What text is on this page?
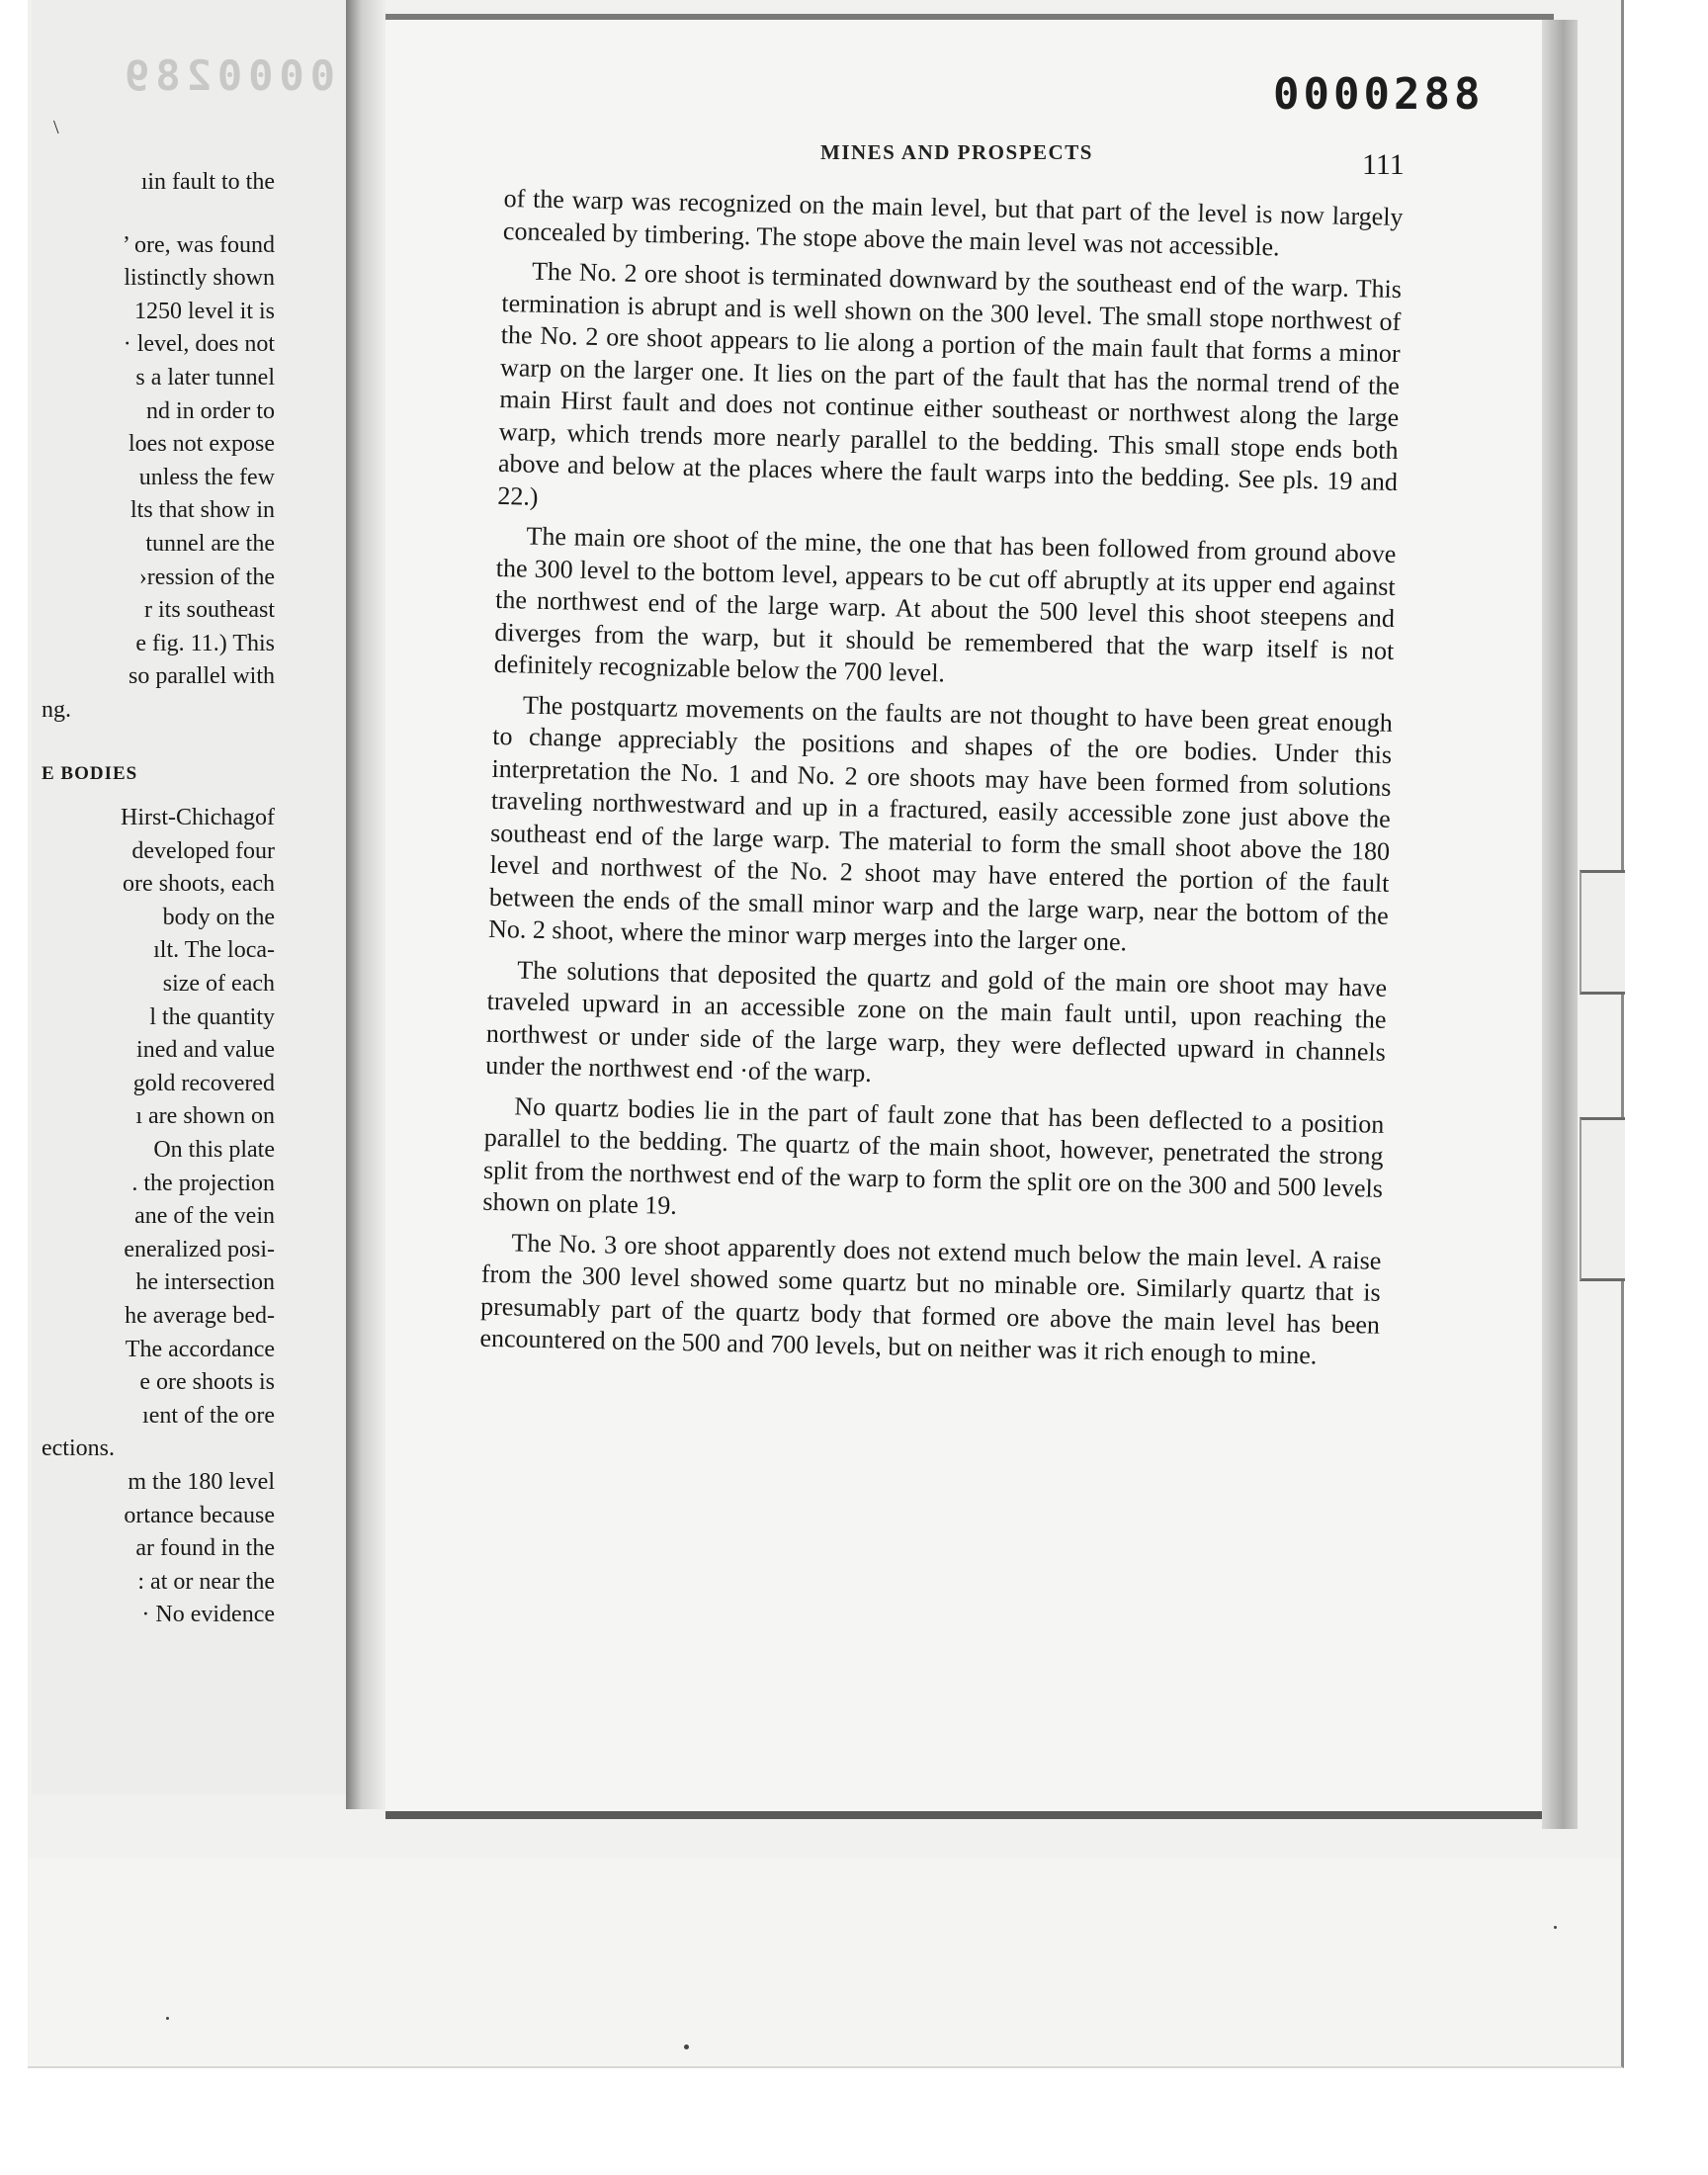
0000289
\
ıin fault to the
’ ore, was found
listinctly shown
1250 level it is
· level, does not
s a later tunnel
nd in order to
loes not expose
unless the few
lts that show in
tunnel are the
›ression of the
r its southeast
e fig. 11.) This
so parallel with
ng.
E BODIES
Hirst-Chichagof
developed four
ore shoots, each
body on the
ılt. The loca-
size of each
l the quantity
ined and value
gold recovered
ı are shown on
On this plate
. the projection
ane of the vein
eneralized posi-
he intersection
he average bed-
The accordance
e ore shoots is
ıent of the ore
ections.
m the 180 level
ortance because
ar found in the
: at or near the
· No evidence
0000288
MINES AND PROSPECTS	111

of the warp was recognized on the main level, but that part of the level is now largely concealed by timbering. The stope above the main level was not accessible.

The No. 2 ore shoot is terminated downward by the southeast end of the warp. This termination is abrupt and is well shown on the 300 level. The small stope northwest of the No. 2 ore shoot appears to lie along a portion of the main fault that forms a minor warp on the larger one. It lies on the part of the fault that has the normal trend of the main Hirst fault and does not continue either southeast or northwest along the large warp, which trends more nearly parallel to the bedding. This small stope ends both above and below at the places where the fault warps into the bedding. See pls. 19 and 22.)

The main ore shoot of the mine, the one that has been followed from ground above the 300 level to the bottom level, appears to be cut off abruptly at its upper end against the northwest end of the large warp. At about the 500 level this shoot steepens and diverges from the warp, but it should be remembered that the warp itself is not definitely recognizable below the 700 level.

The postquartz movements on the faults are not thought to have been great enough to change appreciably the positions and shapes of the ore bodies. Under this interpretation the No. 1 and No. 2 ore shoots may have been formed from solutions traveling northwestward and up in a fractured, easily accessible zone just above the southeast end of the large warp. The material to form the small shoot above the 180 level and northwest of the No. 2 shoot may have entered the portion of the fault between the ends of the small minor warp and the large warp, near the bottom of the No. 2 shoot, where the minor warp merges into the larger one.

The solutions that deposited the quartz and gold of the main ore shoot may have traveled upward in an accessible zone on the main fault until, upon reaching the northwest or under side of the large warp, they were deflected upward in channels under the northwest end ·of the warp.

No quartz bodies lie in the part of fault zone that has been deflected to a position parallel to the bedding. The quartz of the main shoot, however, penetrated the strong split from the northwest end of the warp to form the split ore on the 300 and 500 levels shown on plate 19.

The No. 3 ore shoot apparently does not extend much below the main level. A raise from the 300 level showed some quartz but no minable ore. Similarly quartz that is presumably part of the quartz body that formed ore above the main level has been encountered on the 500 and 700 levels, but on neither was it rich enough to mine.
